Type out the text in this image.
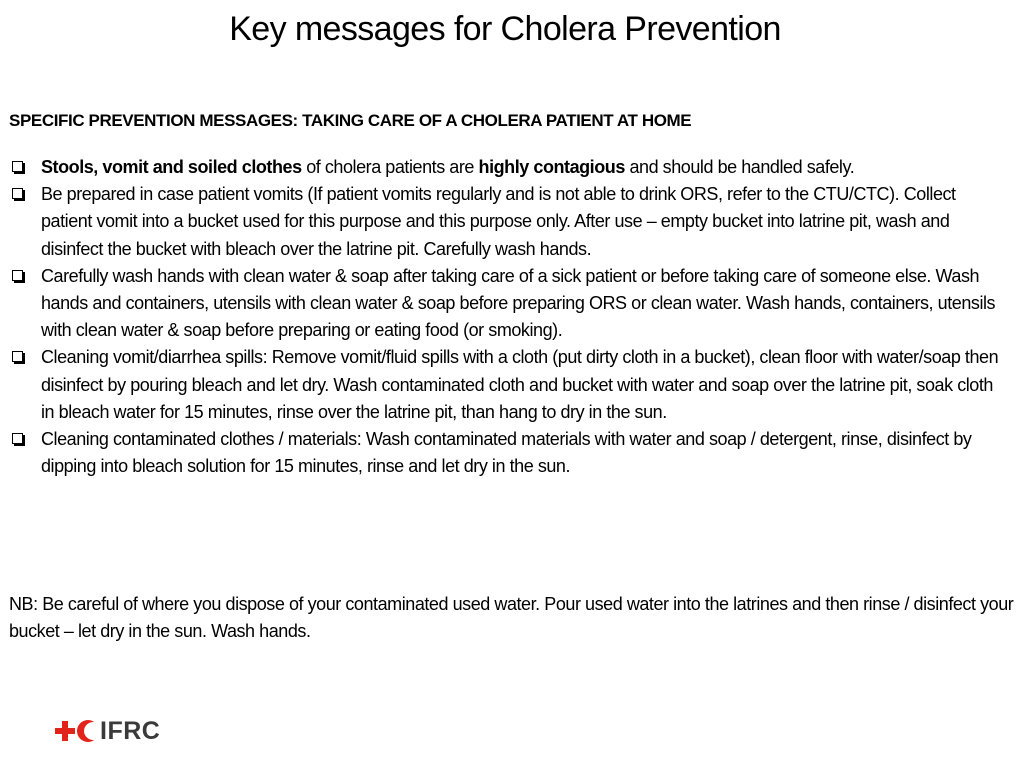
Key messages for Cholera Prevention

SPECIFIC PREVENTION MESSAGES: TAKING CARE OF A CHOLERA PATIENT AT HOME

Stools, vomit and soiled clothes of cholera patients are highly contagious and should be handled safely.
Be prepared in case patient vomits (If patient vomits regularly and is not able to drink ORS, refer to the CTU/CTC). Collect patient vomit into a bucket used for this purpose and this purpose only. After use – empty bucket into latrine pit, wash and disinfect the bucket with bleach over the latrine pit. Carefully wash hands.
Carefully wash hands with clean water & soap after taking care of a sick patient or before taking care of someone else. Wash hands and containers, utensils with clean water & soap before preparing ORS or clean water. Wash hands, containers, utensils with clean water & soap before preparing or eating food (or smoking).
Cleaning vomit/diarrhea spills: Remove vomit/fluid spills with a cloth (put dirty cloth in a bucket), clean floor with water/soap then disinfect by pouring bleach and let dry. Wash contaminated cloth and bucket with water and soap over the latrine pit, soak cloth in bleach water for 15 minutes, rinse over the latrine pit, than hang to dry in the sun.
Cleaning contaminated clothes / materials: Wash contaminated materials with water and soap / detergent, rinse, disinfect by dipping into bleach solution for 15 minutes, rinse and let dry in the sun.

NB: Be careful of where you dispose of your contaminated used water. Pour used water into the latrines and then rinse / disinfect your bucket – let dry in the sun. Wash hands.

IFRC
